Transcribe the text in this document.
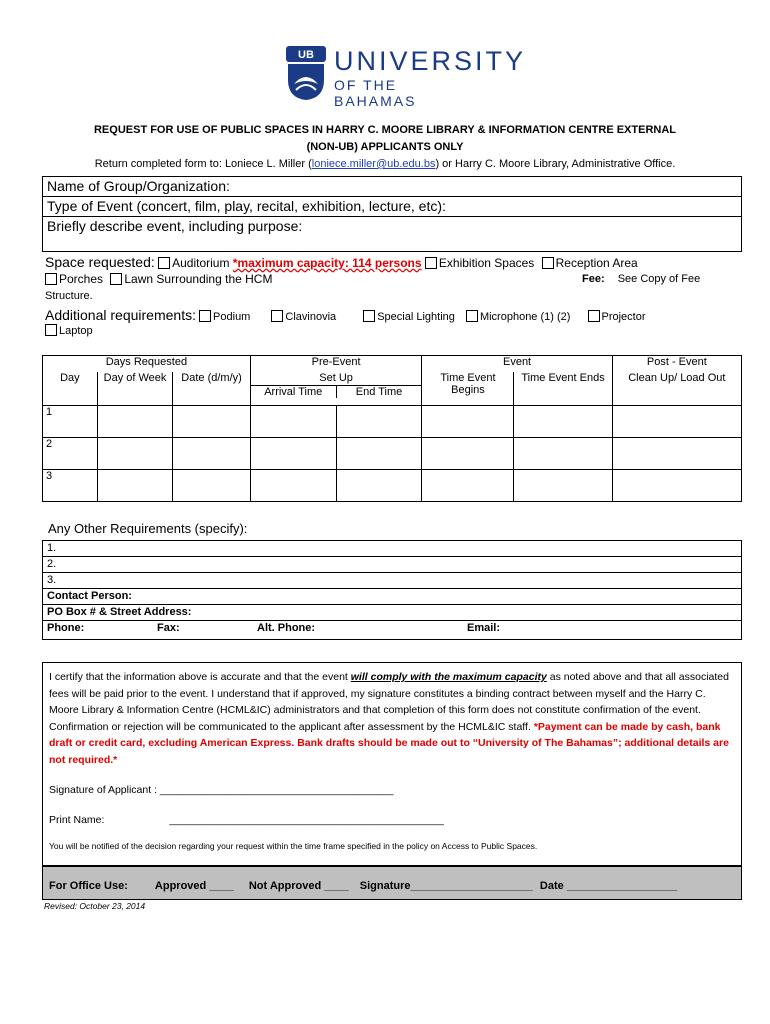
UB UNIVERSITY
OF THE BAHAMAS
REQUEST FOR USE OF PUBLIC SPACES IN HARRY C. MOORE LIBRARY & INFORMATION CENTRE EXTERNAL
(NON-UB) APPLICANTS ONLY
Return completed form to: Loniece L. Miller (loniece.miller@ub.edu.bs) or Harry C. Moore Library, Administrative Office.
Name of Group/Organization:
Type of Event (concert, film, play, recital, exhibition, lecture, etc):
Briefly describe event, including purpose:
Space requested: Auditorium *maximum capacity: 114 persons Exhibition Spaces Reception Area
Porches Lawn Surrounding the HCM	Fee: See Copy of Fee
Structure.
Additional requirements: Podium	Clavinovia	Special Lighting Microphone (1) (2)	Projector
Laptop
Days Requested			Pre-Event		Event		Post - Event
Day	Day of Week	Date (d/m/y)	Set Up
Arrival Time End Time		Time Event Begins	Time Event Ends	Clean Up/ Load Out
1							
2							
3							
Any Other Requirements (specify):
1.
2.
3.
Contact Person:
PO Box # & Street Address:
Phone:	Fax:	Alt. Phone:	Email:
I certify that the information above is accurate and that the event will comply with the maximum capacity as noted above and that all associated fees will be paid prior to the event. I understand that if approved, my signature constitutes a binding contract between myself and the Harry C. Moore Library & Information Centre (HCML&IC) administrators and that completion of this form does not constitute confirmation of the event. Confirmation or rejection will be communicated to the applicant after assessment by the HCML&IC staff. *Payment can be made by cash, bank draft or credit card, excluding American Express. Bank drafts should be made out to “University of The Bahamas”; additional details are not required.*
Signature of Applicant : ________________________________________
Print Name:	_______________________________________________
You will be notified of the decision regarding your request within the time frame specified in the policy on Access to Public Spaces.
For Office Use: Approved ____ Not Approved ____ Signature____________________ Date __________________
Revised: October 23, 2014
